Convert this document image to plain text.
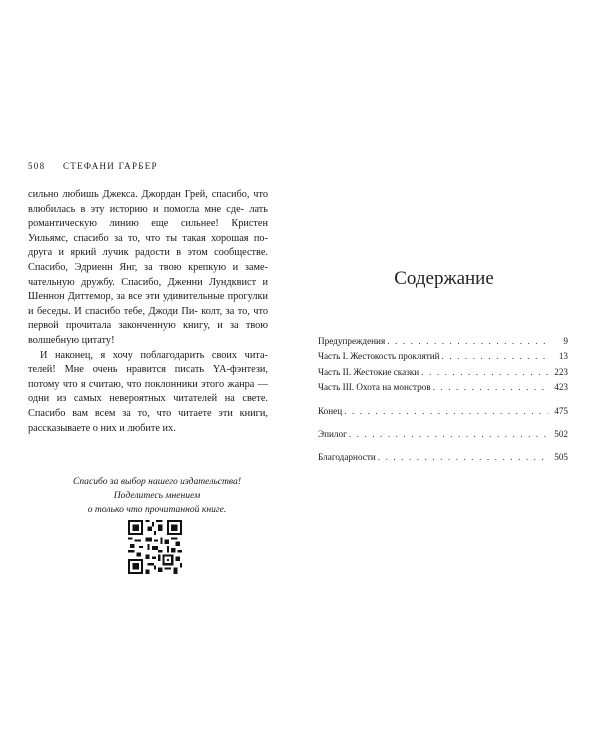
508 СТЕФАНИ ГАРБЕР

сильно любишь Джекса. Джордан Грей, спасибо, что влюбилась в эту историю и помогла мне сде- лать романтическую линию еще сильнее! Кристен Уильямс, спасибо за то, что ты такая хорошая по- друга и яркий лучик радости в этом сообществе. Спасибо, Эдриенн Янг, за твою крепкую и заме- чательную дружбу. Спасибо, Дженни Лундквист и Шеннон Диттемор, за все эти удивительные прогулки и беседы. И спасибо тебе, Джоди Пи- колт, за то, что первой прочитала законченную книгу, и за твою волшебную цитату!

И наконец, я хочу поблагодарить своих чита- телей! Мне очень нравится писать YA-фэнтези, потому что я считаю, что поклонники этого жанра — одни из самых невероятных читателей на свете. Спасибо вам всем за то, что читаете эти книги, рассказываете о них и любите их.

Спасибо за выбор нашего издательства!
Поделитесь мнением
о только что прочитанной книге.
Содержание
Предупреждения . . .	9
Часть I. Жестокость проклятий . . .	13
Часть II. Жестокие сказки . . .	223
Часть III. Охота на монстров . . .	423
Конец . . .	475
Эпилог . . .	502
Благодарности . . .	505
